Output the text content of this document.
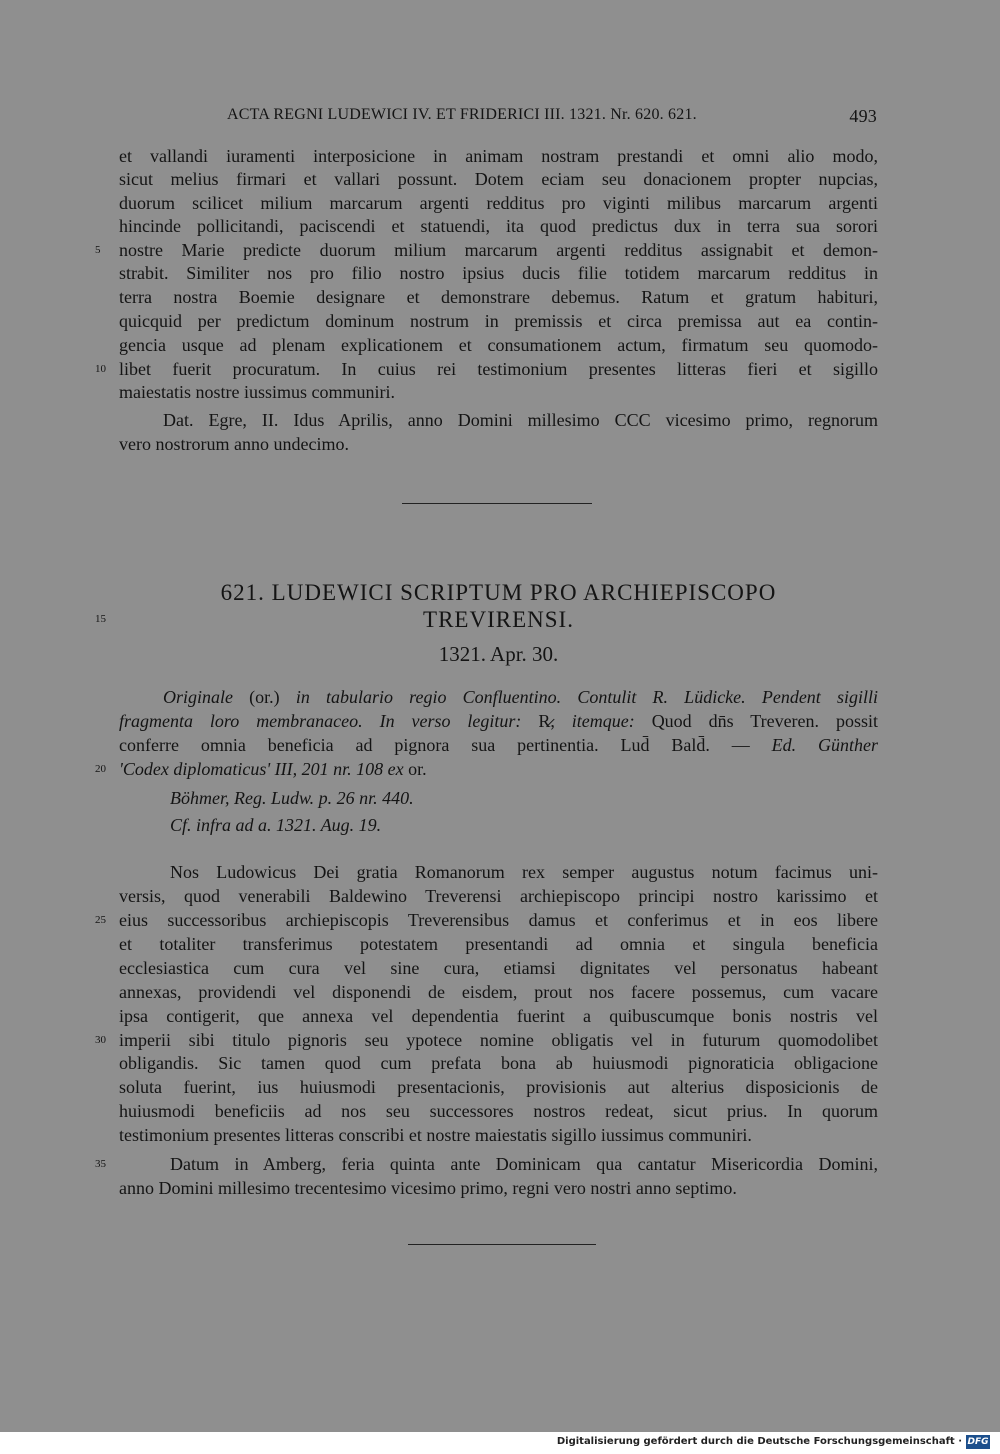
ACTA REGNI LUDEWICI IV. ET FRIDERICI III. 1321. Nr. 620. 621.	493
et vallandi iuramenti interposicione in animam nostram prestandi et omni alio modo,
sicut melius firmari et vallari possunt. Dotem eciam seu donacionem propter nupcias,
duorum scilicet milium marcarum argenti redditus pro viginti milibus marcarum argenti
hincinde pollicitandi, paciscendi et statuendi, ita quod predictus dux in terra sua sorori
5	nostre Marie predicte duorum milium marcarum argenti redditus assignabit et demon-
strabit. Similiter nos pro filio nostro ipsius ducis filie totidem marcarum redditus in
terra nostra Boemie designare et demonstrare debemus. Ratum et gratum habituri,
quicquid per predictum dominum nostrum in premissis et circa premissa aut ea contin-
gencia usque ad plenam explicationem et consumationem actum, firmatum seu quomodo-
10 libet fuerit procuratum. In cuius rei testimonium presentes litteras fieri et sigillo
maiestatis nostre iussimus communiri.
Dat. Egre, II. Idus Aprilis, anno Domini millesimo CCC vicesimo primo, regnorum
vero nostrorum anno undecimo.
621. LUDEWICI SCRIPTUM PRO ARCHIEPISCOPO
15	TREVIRENSI.
1321. Apr. 30.
Originale (or.) in tabulario regio Confluentino. Contulit R. Lüdicke. Pendent sigilli
fragmenta loro membranaceo. In verso legitur: R̷, itemque: Quod dn̄s Treveren. possit
conferre omnia beneficia ad pignora sua pertinentia. Lud̄ Bald̄. — Ed. Günther
20 'Codex diplomaticus' III, 201 nr. 108 ex or.
Böhmer, Reg. Ludw. p. 26 nr. 440.
Cf. infra ad a. 1321. Aug. 19.
Nos Ludowicus Dei gratia Romanorum rex semper augustus notum facimus uni-
versis, quod venerabili Baldewino Treverensi archiepiscopo principi nostro karissimo et
25 eius successoribus archiepiscopis Treverensibus damus et conferimus et in eos libere
et totaliter transferimus potestatem presentandi ad omnia et singula beneficia
ecclesiastica cum cura vel sine cura, etiamsi dignitates vel personatus habeant
annexas, providendi vel disponendi de eisdem, prout nos facere possemus, cum vacare
ipsa contigerit, que annexa vel dependentia fuerint a quibuscumque bonis nostris vel
30 imperii sibi titulo pignoris seu ypotece nomine obligatis vel in futurum quomodolibet
obligandis. Sic tamen quod cum prefata bona ab huiusmodi pignoraticia obligacione
soluta fuerint, ius huiusmodi presentacionis, provisionis aut alterius disposicionis de
huiusmodi beneficiis ad nos seu successores nostros redeat, sicut prius. In quorum
testimonium presentes litteras conscribi et nostre maiestatis sigillo iussimus communiri.
35	Datum in Amberg, feria quinta ante Dominicam qua cantatur Misericordia Domini,
anno Domini millesimo trecentesimo vicesimo primo, regni vero nostri anno septimo.
Digitalisierung gefördert durch die Deutsche Forschungsgemeinschaft · DFG
